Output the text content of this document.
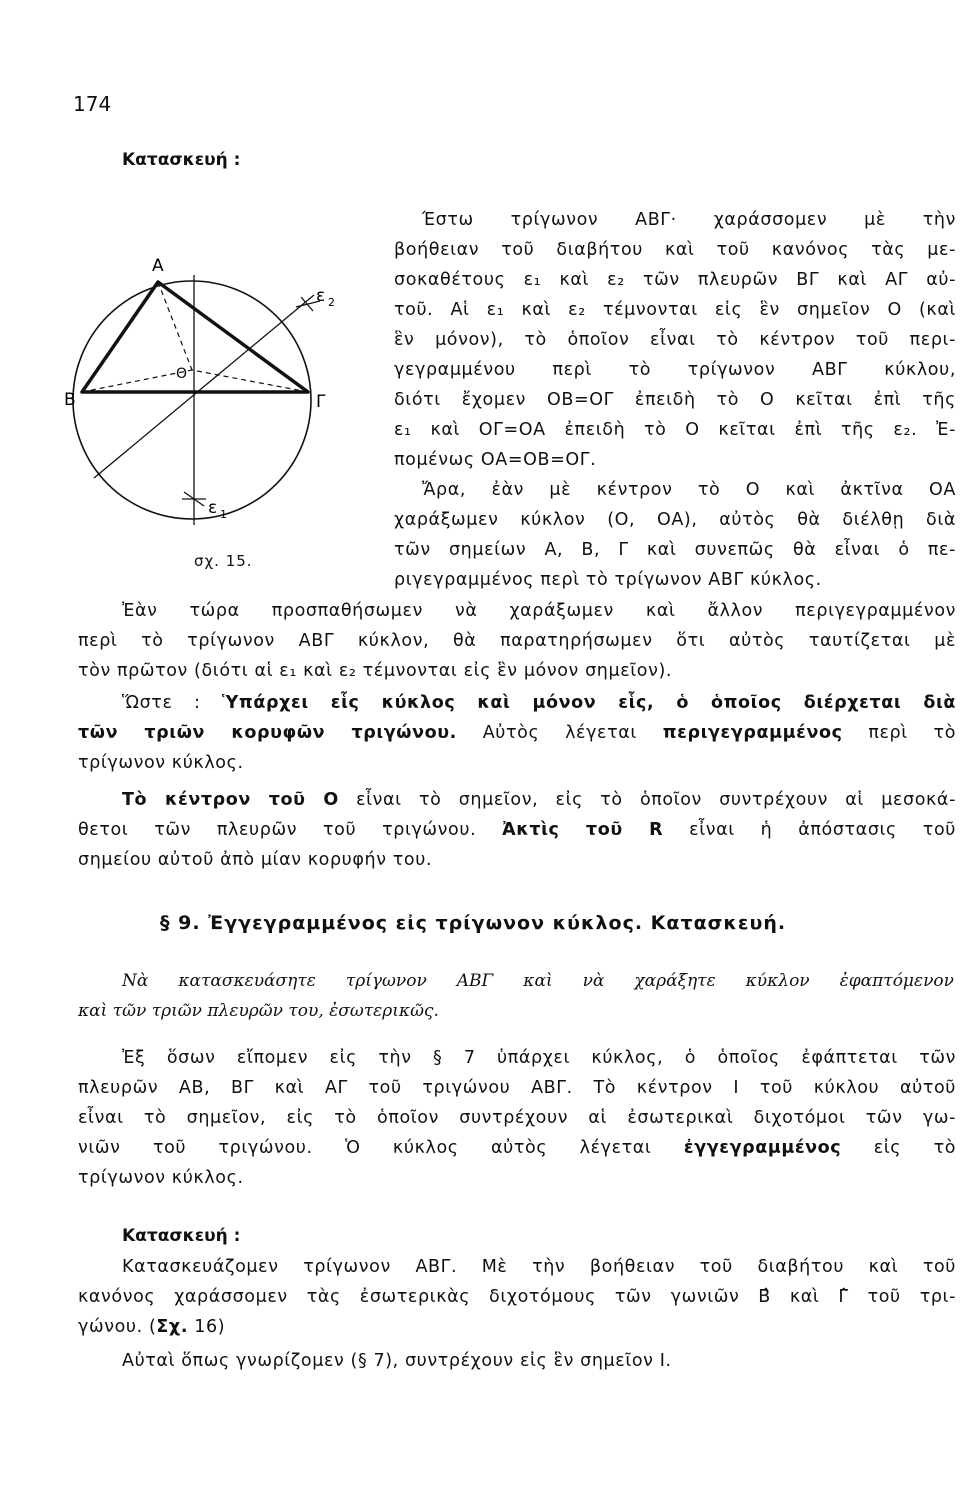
174
Κατασκευή :
A
B	Γ
O
ε 1
ε 2
σχ. 15.
Έστω τρίγωνον ΑΒΓ· χαράσσομεν μὲ τὴν
βοήθειαν τοῦ διαβήτου καὶ τοῦ κανόνος τὰς με-
σοκαθέτους ε₁ καὶ ε₂ τῶν πλευρῶν ΒΓ καὶ ΑΓ αὐ-
τοῦ. Αἱ ε₁ καὶ ε₂ τέμνονται εἰς ἓν σημεῖον Ο (καὶ
ἓν μόνον), τὸ ὁποῖον εἶναι τὸ κέντρον τοῦ περι-
γεγραμμένου περὶ τὸ τρίγωνον ΑΒΓ κύκλου,
διότι ἔχομεν ΟΒ=ΟΓ ἐπειδὴ τὸ Ο κεῖται ἐπὶ τῆς
ε₁ καὶ ΟΓ=ΟΑ ἐπειδὴ τὸ Ο κεῖται ἐπὶ τῆς ε₂. Ἐ-
πομένως ΟΑ=ΟΒ=ΟΓ.
Ἄρα, ἐὰν μὲ κέντρον τὸ Ο καὶ ἀκτῖνα ΟΑ
χαράξωμεν κύκλον (Ο, ΟΑ), αὐτὸς θὰ διέλθῃ διὰ
τῶν σημείων Α, Β, Γ καὶ συνεπῶς θὰ εἶναι ὁ πε-
ριγεγραμμένος περὶ τὸ τρίγωνον ΑΒΓ κύκλος.
Ἐὰν τώρα προσπαθήσωμεν νὰ χαράξωμεν καὶ ἄλλον περιγεγραμμένον
περὶ τὸ τρίγωνον ΑΒΓ κύκλον, θὰ παρατηρήσωμεν ὅτι αὐτὸς ταυτίζεται μὲ
τὸν πρῶτον (διότι αἱ ε₁ καὶ ε₂ τέμνονται εἰς ἓν μόνον σημεῖον).
Ὥστε : Ὑπάρχει εἷς κύκλος καὶ μόνον εἷς, ὁ ὁποῖος διέρχεται διὰ
τῶν τριῶν κορυφῶν τριγώνου. Αὐτὸς λέγεται περιγεγραμμένος περὶ τὸ
τρίγωνον κύκλος.
Τὸ κέντρον τοῦ Ο εἶναι τὸ σημεῖον, εἰς τὸ ὁποῖον συντρέχουν αἱ μεσοκά-
θετοι τῶν πλευρῶν τοῦ τριγώνου. Ἀκτὶς τοῦ R εἶναι ἡ ἀπόστασις τοῦ
σημείου αὐτοῦ ἀπὸ μίαν κορυφήν του.
§ 9. Ἐγγεγραμμένος εἰς τρίγωνον κύκλος. Κατασκευή.
Νὰ κατασκευάσητε τρίγωνον ΑΒΓ καὶ νὰ χαράξητε κύκλον ἐφαπτόμενον
καὶ τῶν τριῶν πλευρῶν του, ἐσωτερικῶς.
Ἐξ ὅσων εἴπομεν εἰς τὴν § 7 ὑπάρχει κύκλος, ὁ ὁποῖος ἐφάπτεται τῶν
πλευρῶν ΑΒ, ΒΓ καὶ ΑΓ τοῦ τριγώνου ΑΒΓ. Τὸ κέντρον Ι τοῦ κύκλου αὐτοῦ
εἶναι τὸ σημεῖον, εἰς τὸ ὁποῖον συντρέχουν αἱ ἐσωτερικαὶ διχοτόμοι τῶν γω-
νιῶν τοῦ τριγώνου. Ὁ κύκλος αὐτὸς λέγεται ἐγγεγραμμένος εἰς τὸ
τρίγωνον κύκλος.
Κατασκευή :
Κατασκευάζομεν τρίγωνον ΑΒΓ. Μὲ τὴν βοήθειαν τοῦ διαβήτου καὶ τοῦ
κανόνος χαράσσομεν τὰς ἐσωτερικὰς διχοτόμους τῶν γωνιῶν Β̂ καὶ Γ̂ τοῦ τρι-
γώνου. (Σχ. 16)
Αὐταὶ ὅπως γνωρίζομεν (§ 7), συντρέχουν εἰς ἓν σημεῖον Ι.
